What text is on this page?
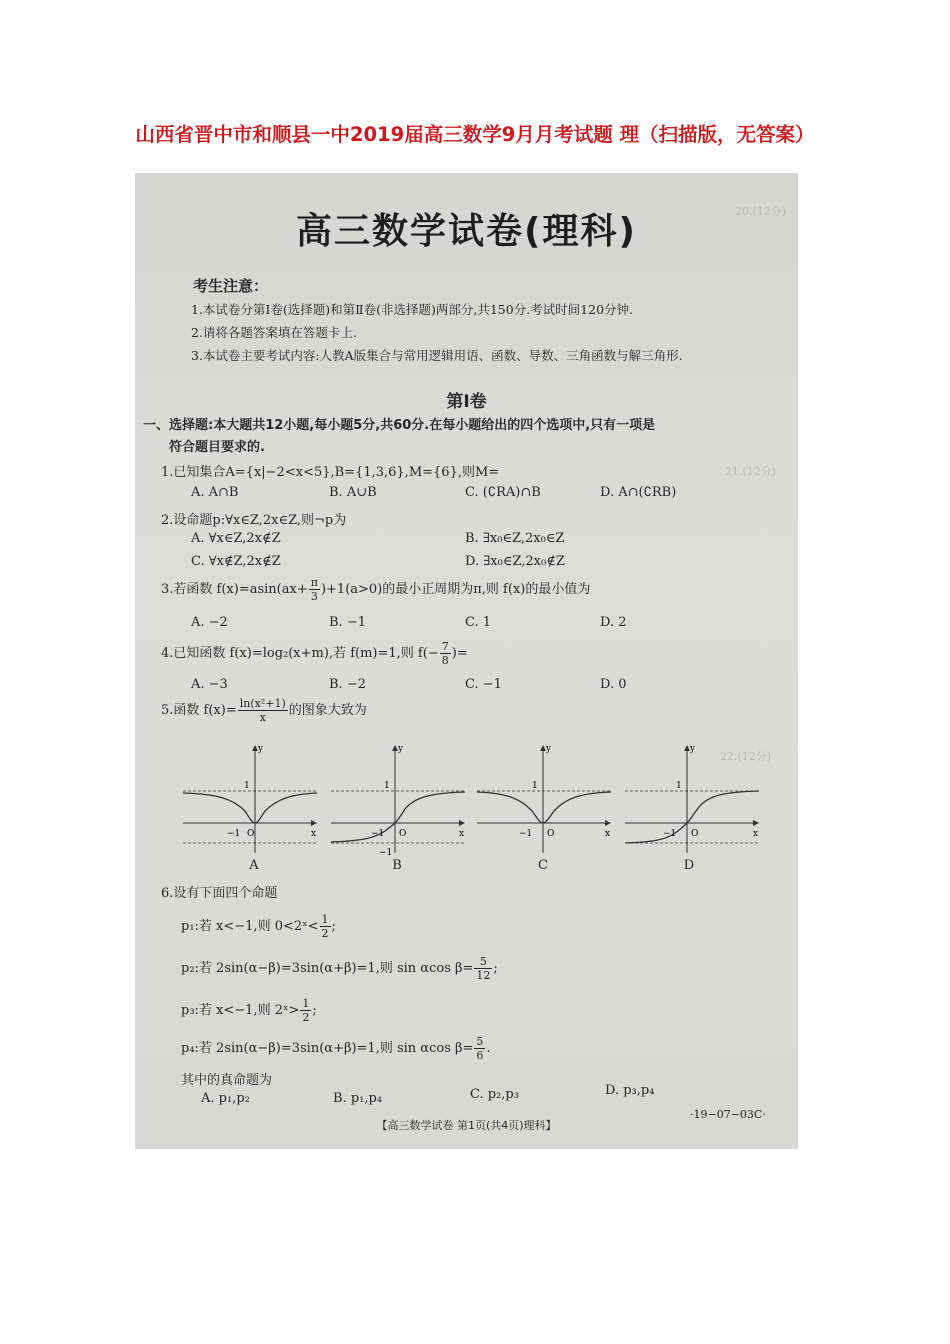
山西省晋中市和顺县一中2019届高三数学9月月考试题 理（扫描版，无答案）
20.(12分)
21.(12分)
22.(12分)
高三数学试卷(理科)
考生注意：
1.本试卷分第Ⅰ卷(选择题)和第Ⅱ卷(非选择题)两部分,共150分.考试时间120分钟.
2.请将各题答案填在答题卡上.
3.本试卷主要考试内容:人教A版集合与常用逻辑用语、函数、导数、三角函数与解三角形.
第Ⅰ卷
一、选择题:本大题共12小题,每小题5分,共60分.在每小题给出的四个选项中,只有一项是
符合题目要求的.
1.已知集合A={x|−2<x<5},B={1,3,6},M={6},则M=
A. A∩B	B. A∪B	C. (∁RA)∩B	D. A∩(∁RB)
2.设命题p:∀x∈Z,2x∈Z,则¬p为
A. ∀x∈Z,2x∉Z	B. ∃x₀∈Z,2x₀∈Z
C. ∀x∉Z,2x∉Z	D. ∃x₀∈Z,2x₀∉Z
3.若函数 $f(x)=asin(ax+ \frac{\pi}{3} )+1(a>0)$的最小正周期为π,则 f(x)的最小值为
A. −2	B. −1	C. 1	D. 2
4.已知函数 f(x)=log₂(x+m),若 f(m)=1,则 $f(- \frac{7}{8}$ )=
A. −3	B. −2	C. −1	D. 0
5.函数 $f(x)= \frac{\text{ln(x²+1)}}{x}$ 的图象大致为
y
x
1
−1 O
y
x
1
−1 O
−1
y
x
1
−1 O
y
x
1
−1 O
A	B	C	D
6.设有下面四个命题
p₁:若 x<−1,则 0<2ˣ< $\frac{1}{2}$ ;
p₂:若 2sin(α−β)=3sin(α+β)=1,则 sin αcos $\beta= \frac{5}{12}$ ;
p₃:若 x<−1,则 2ˣ> $\frac{1}{2}$ ;
p₄:若 2sin(α−β)=3sin(α+β)=1,则 sin αcos $\beta= \frac{5}{6}$ .
其中的真命题为
A. p₁,p₂	B. p₁,p₄	C. p₂,p₃	D. p₃,p₄
·19−07−03C·
【高三数学试卷 第1页(共4页)理科】
